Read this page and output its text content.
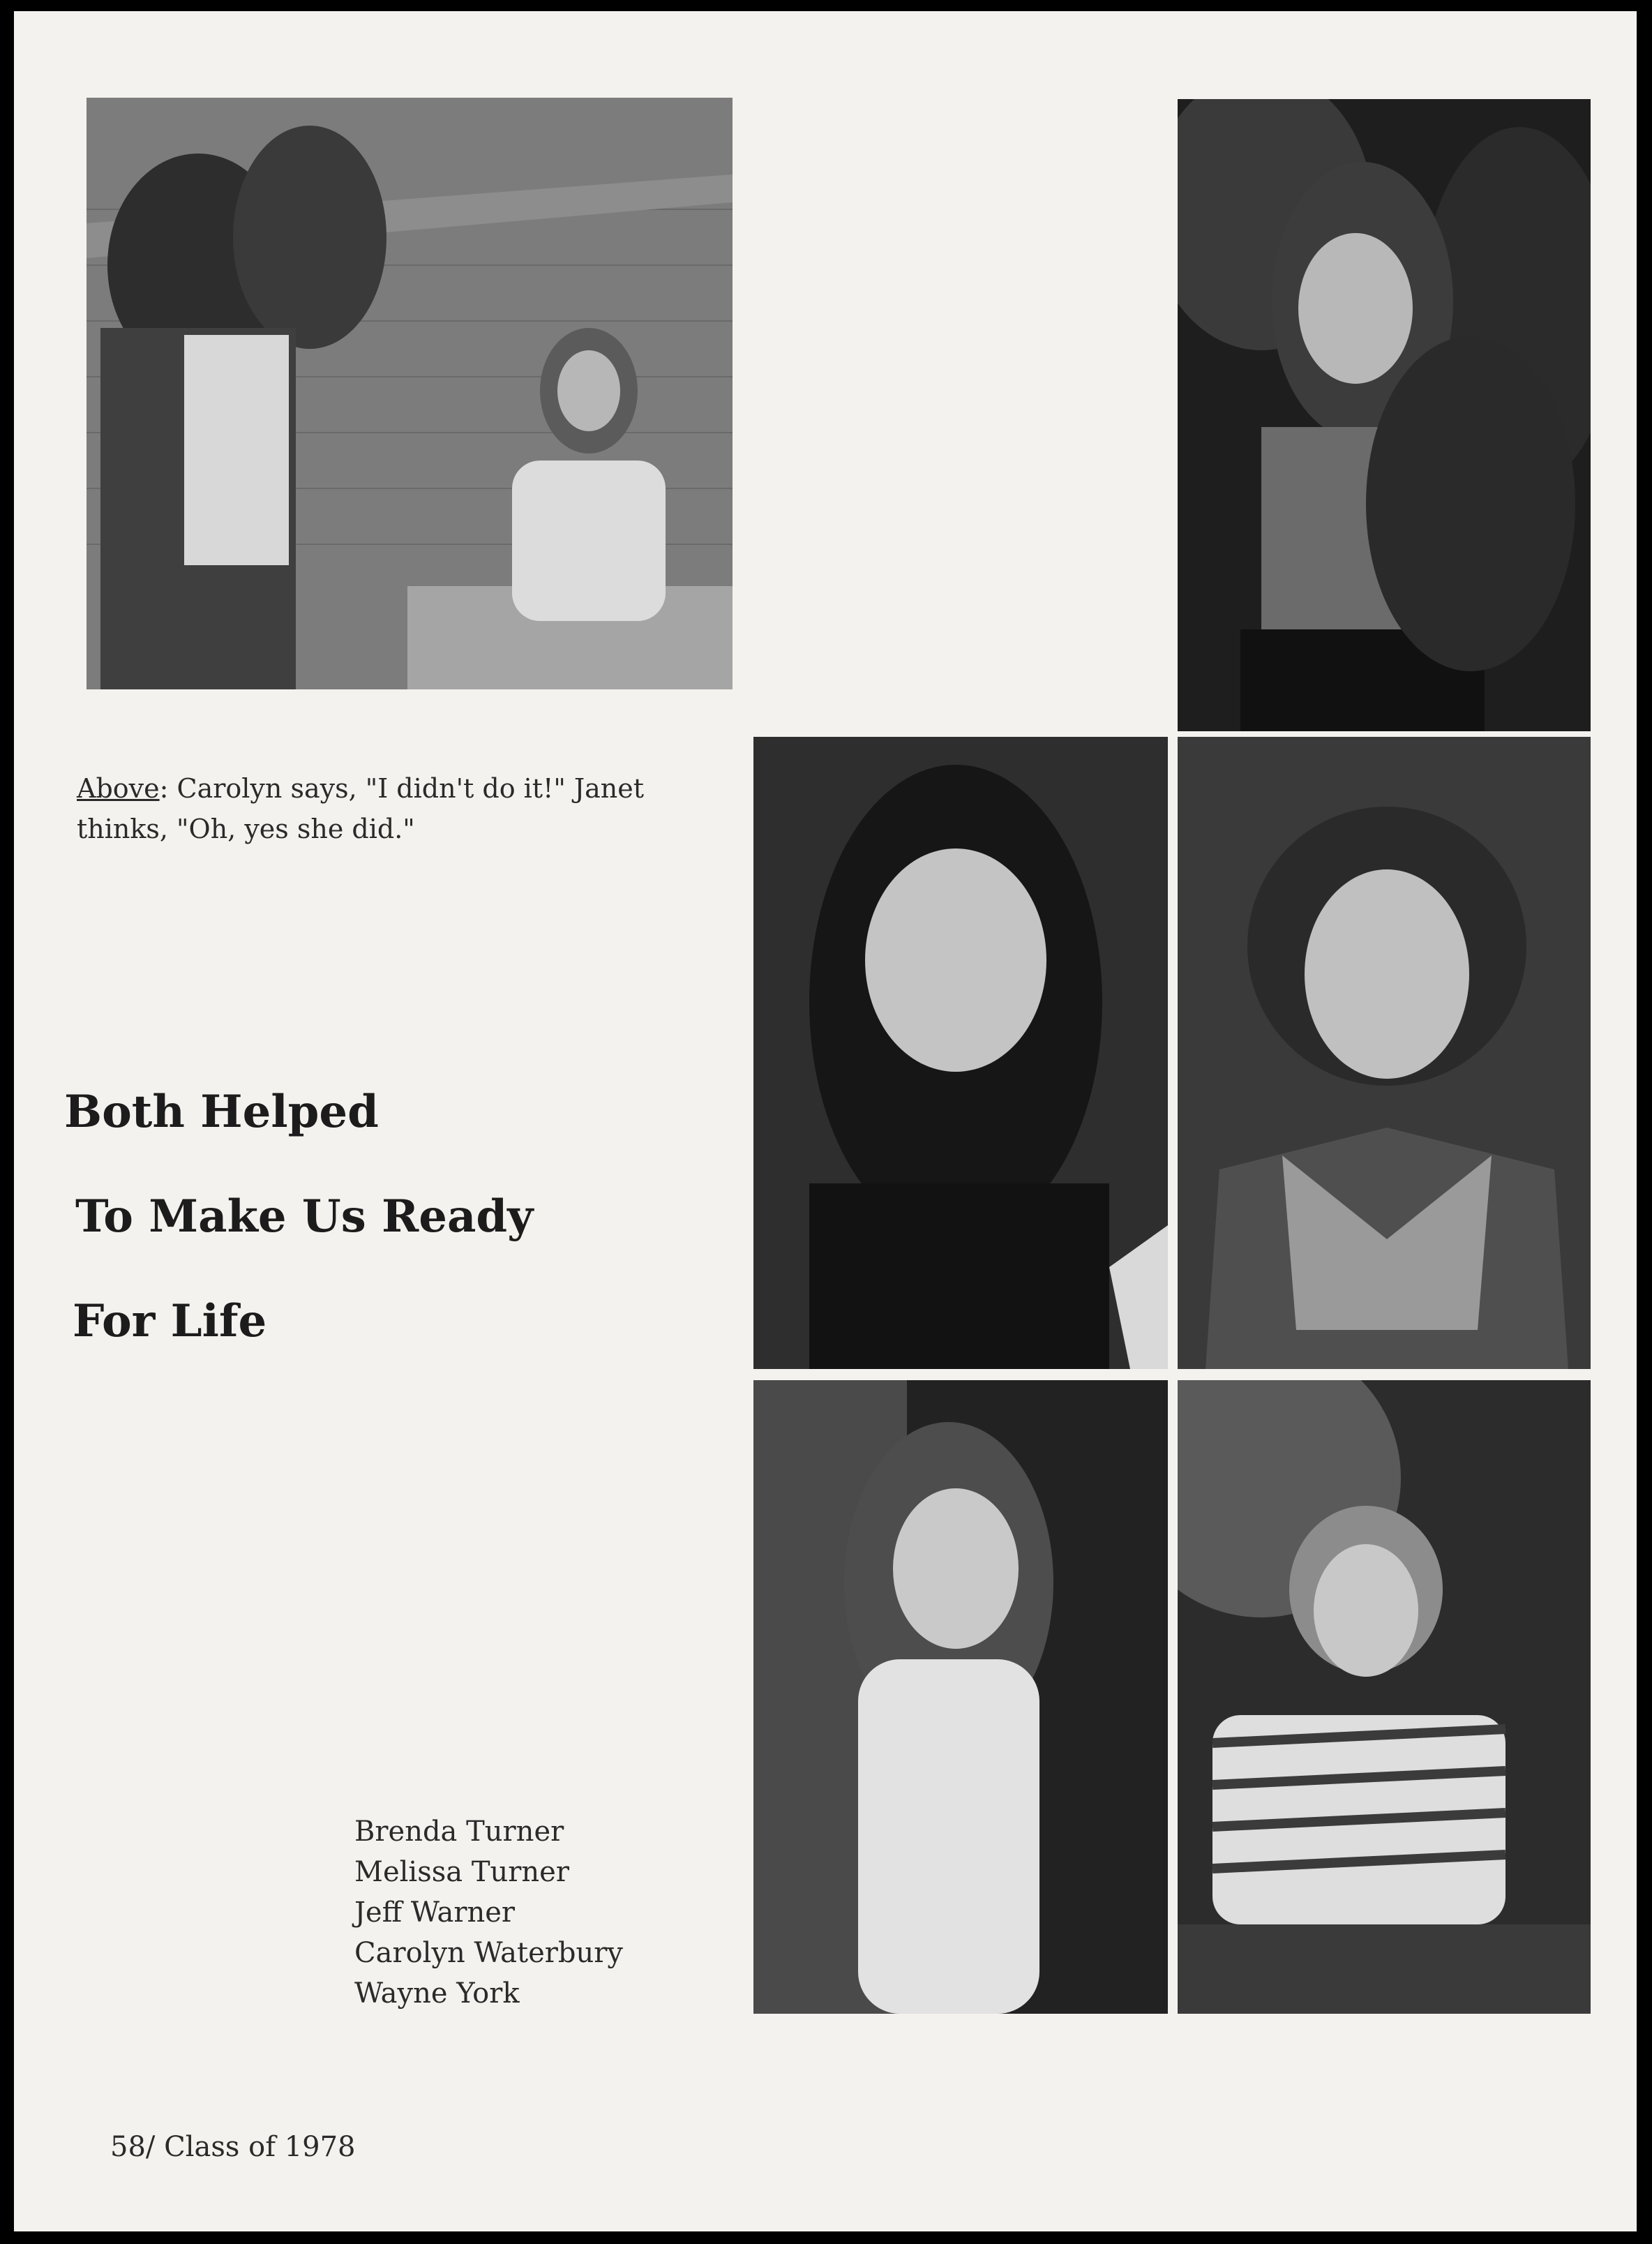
Above: Carolyn says, "I didn't do it!" Janet thinks, "Oh, yes she did."
Both Helped
To Make Us Ready
For Life
Brenda Turner
Melissa Turner
Jeff Warner
Carolyn Waterbury
Wayne York
58/ Class of 1978
